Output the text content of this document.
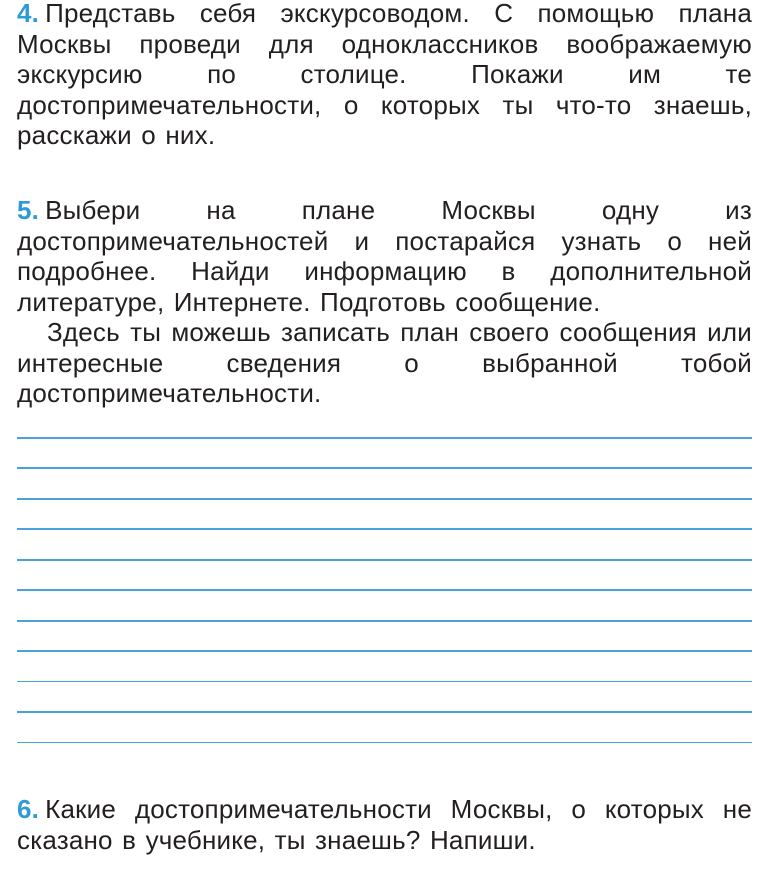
4. Представь себя экскурсоводом. С помощью плана Москвы проведи для одноклассников воображаемую экскурсию по столице. Покажи им те достопримечательности, о которых ты что-то знаешь, расскажи о них.

5. Выбери на плане Москвы одну из достопримечательностей и постарайся узнать о ней подробнее. Найди информацию в дополнительной литературе, Интернете. Подготовь сообщение.

Здесь ты можешь записать план своего сообщения или интересные сведения о выбранной тобой достопримечательности.

6. Какие достопримечательности Москвы, о которых не сказано в учебнике, ты знаешь? Напиши.
